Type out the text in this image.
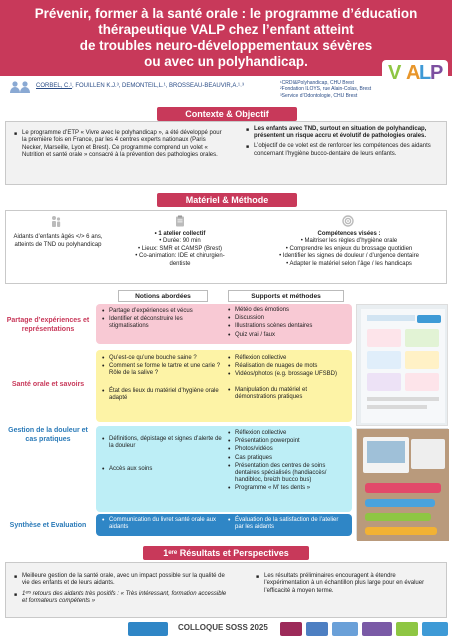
Prévenir, former à la santé orale : le programme d’éducation
thérapeutique VALP chez l’enfant atteint
de troubles neuro-développementaux sévères
ou avec un polyhandicap.
CORBEL, C.¹, FOUILLEN K.J.³, DEMONTEIL,L.¹, BROSSEAU-BEAUVIR,A.¹˒³	¹CRDI&Polyhandicap, CHU Brest
²Fondation ILOYS, rue Alain-Colas, Brest
³Service d’Odontologie, CHU Brest
V A
L
P
Contexte & Objectif
■ Le programme d’ETP « Vivre avec le polyhandicap », a été développé pour la première fois en France, par les 4 centres experts nationaux (Paris Necker, Marseille, Lyon et Brest). Ce programme comprend un volet « Nutrition et santé orale » consacré à la prévention des pathologies orales.
■ Les enfants avec TND, surtout en situation de polyhandicap, présentent un risque accru et évolutif de pathologies orales.
■ L’objectif de ce volet est de renforcer les compétences des aidants concernant l’hygiène bucco-dentaire de leurs enfants.
Matériel & Méthode
Aidants d’enfants âgés </> 6 ans, atteints de TND ou polyhandicap
• 1 atelier collectif
• Durée: 90 min
• Lieux: SMR et CAMSP (Brest)
• Co-animation: IDE et chirurgien-dentiste
Compétences visées :
• Maitriser les règles d’hygiène orale
• Comprendre les enjeux du brossage quotidien
• Identifier les signes de douleur / d’urgence dentaire
• Adapter le matériel selon l’âge / les handicaps
Notions abordées	Supports et méthodes
Partage d’expériences et représentations
• Partage d’expériences et vécus
• Identifier et déconstruire les stigmatisations
• Météo des émotions
• Discussion
• Illustrations scènes dentaires
• Quiz vrai / faux
Santé orale et savoirs
• Qu’est-ce qu’une bouche saine ?
• Comment se forme le tartre et une carie ? Rôle de la salive ?
• État des lieux du matériel d’hygiène orale adapté
• Réflexion collective
• Réalisation de nuages de mots
• Vidéos/photos (e.g. brossage UFSBD)
• Manipulation du matériel et démonstrations pratiques
Gestion de la douleur et cas pratiques
•	Définitions, dépistage et signes d’alerte de la douleur
• Accès aux soins
• Réflexion collective
• Présentation powerpoint
• Photos/vidéos
• Cas pratiques
• Présentation des centres de soins dentaires spécialisés (handiaccès/ handibloc, breizh bucco bus)
• Programme « M’ tes dents »
Synthèse et Evaluation
• Communication du livret santé orale aux aidants
• Évaluation de la satisfaction de l’atelier par les aidants
1ᵉʳᵉ Résultats et Perspectives
■ Meilleure gestion de la santé orale, avec un impact possible sur la qualité de vie des enfants et de leurs aidants.
■ 1ᵉʳˢ retours des aidants très positifs : « Très intéressant, formation accessible et formateurs compétents »
■ Les résultats préliminaires encouragent à étendre l’expérimentation à un échantillon plus large pour en évaluer l’efficacité à moyen terme.
COLLOQUE SOSS 2025
